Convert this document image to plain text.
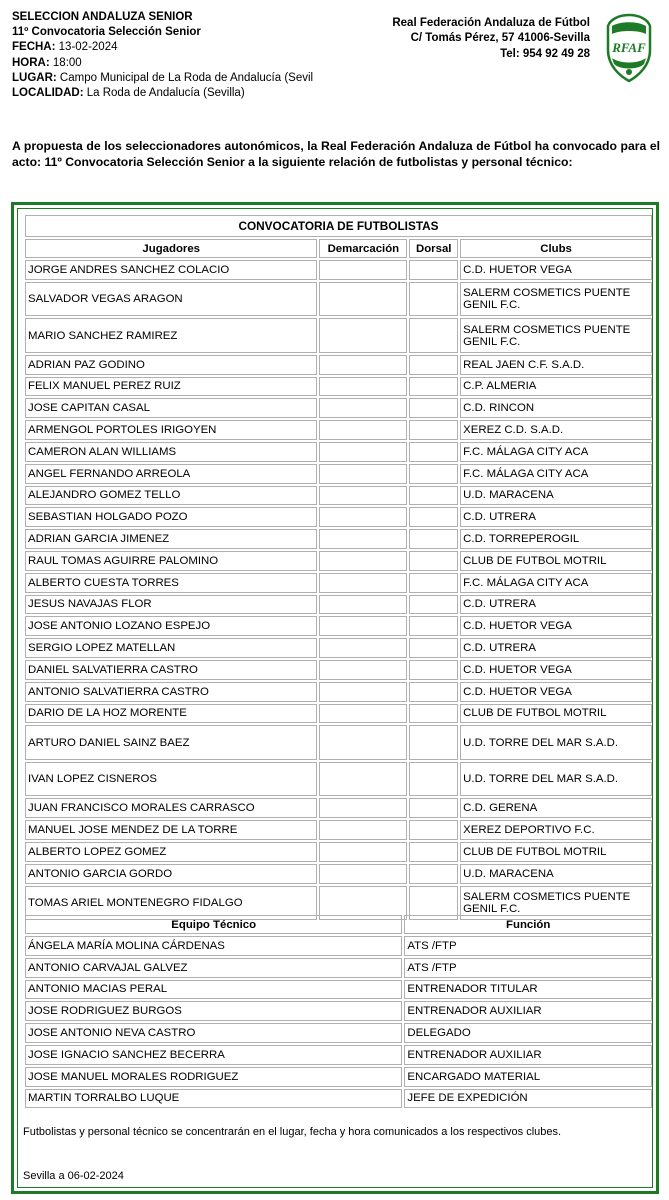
SELECCION ANDALUZA SENIOR
11º Convocatoria Selección Senior
FECHA: 13-02-2024
HORA: 18:00
LUGAR: Campo Municipal de La Roda de Andalucía (Sevil
LOCALIDAD: La Roda de Andalucía (Sevilla)
Real Federación Andaluza de Fútbol
C/ Tomás Pérez, 57 41006-Sevilla
Tel: 954 92 49 28 RFAF
A propuesta de los seleccionadores autonómicos, la Real Federación Andaluza de Fútbol ha convocado para el acto: 11º Convocatoria Selección Senior a la siguiente relación de futbolistas y personal técnico:
CONVOCATORIA DE FUTBOLISTAS			
Jugadores	Demarcación	Dorsal	Clubs
JORGE ANDRES SANCHEZ COLACIO			C.D. HUETOR VEGA
SALVADOR VEGAS ARAGON			SALERM COSMETICS PUENTE GENIL F.C.
MARIO SANCHEZ RAMIREZ			SALERM COSMETICS PUENTE GENIL F.C.
ADRIAN PAZ GODINO			REAL JAEN C.F. S.A.D.
FELIX MANUEL PEREZ RUIZ			C.P. ALMERIA
JOSE CAPITAN CASAL			C.D. RINCON
ARMENGOL PORTOLES IRIGOYEN			XEREZ C.D. S.A.D.
CAMERON ALAN WILLIAMS			F.C. MÁLAGA CITY ACA
ANGEL FERNANDO ARREOLA			F.C. MÁLAGA CITY ACA
ALEJANDRO GOMEZ TELLO			U.D. MARACENA
SEBASTIAN HOLGADO POZO			C.D. UTRERA
ADRIAN GARCIA JIMENEZ			C.D. TORREPEROGIL
RAUL TOMAS AGUIRRE PALOMINO			CLUB DE FUTBOL MOTRIL
ALBERTO CUESTA TORRES			F.C. MÁLAGA CITY ACA
JESUS NAVAJAS FLOR			C.D. UTRERA
JOSE ANTONIO LOZANO ESPEJO			C.D. HUETOR VEGA
SERGIO LOPEZ MATELLAN			C.D. UTRERA
DANIEL SALVATIERRA CASTRO			C.D. HUETOR VEGA
ANTONIO SALVATIERRA CASTRO			C.D. HUETOR VEGA
DARIO DE LA HOZ MORENTE			CLUB DE FUTBOL MOTRIL
ARTURO DANIEL SAINZ BAEZ			U.D. TORRE DEL MAR S.A.D.
IVAN LOPEZ CISNEROS			U.D. TORRE DEL MAR S.A.D.
JUAN FRANCISCO MORALES CARRASCO			C.D. GERENA
MANUEL JOSE MENDEZ DE LA TORRE			XEREZ DEPORTIVO F.C.
ALBERTO LOPEZ GOMEZ			CLUB DE FUTBOL MOTRIL
ANTONIO GARCIA GORDO			U.D. MARACENA
TOMAS ARIEL MONTENEGRO FIDALGO			SALERM COSMETICS PUENTE GENIL F.C.
Equipo Técnico	Función
ÁNGELA MARÍA MOLINA CÁRDENAS	ATS /FTP
ANTONIO CARVAJAL GALVEZ	ATS /FTP
ANTONIO MACIAS PERAL	ENTRENADOR TITULAR
JOSE RODRIGUEZ BURGOS	ENTRENADOR AUXILIAR
JOSE ANTONIO NEVA CASTRO	DELEGADO
JOSE IGNACIO SANCHEZ BECERRA	ENTRENADOR AUXILIAR
JOSE MANUEL MORALES RODRIGUEZ	ENCARGADO MATERIAL
MARTIN TORRALBO LUQUE	JEFE DE EXPEDICIÓN
Futbolistas y personal técnico se concentrarán en el lugar, fecha y hora comunicados a los respectivos clubes.
Sevilla a 06-02-2024
